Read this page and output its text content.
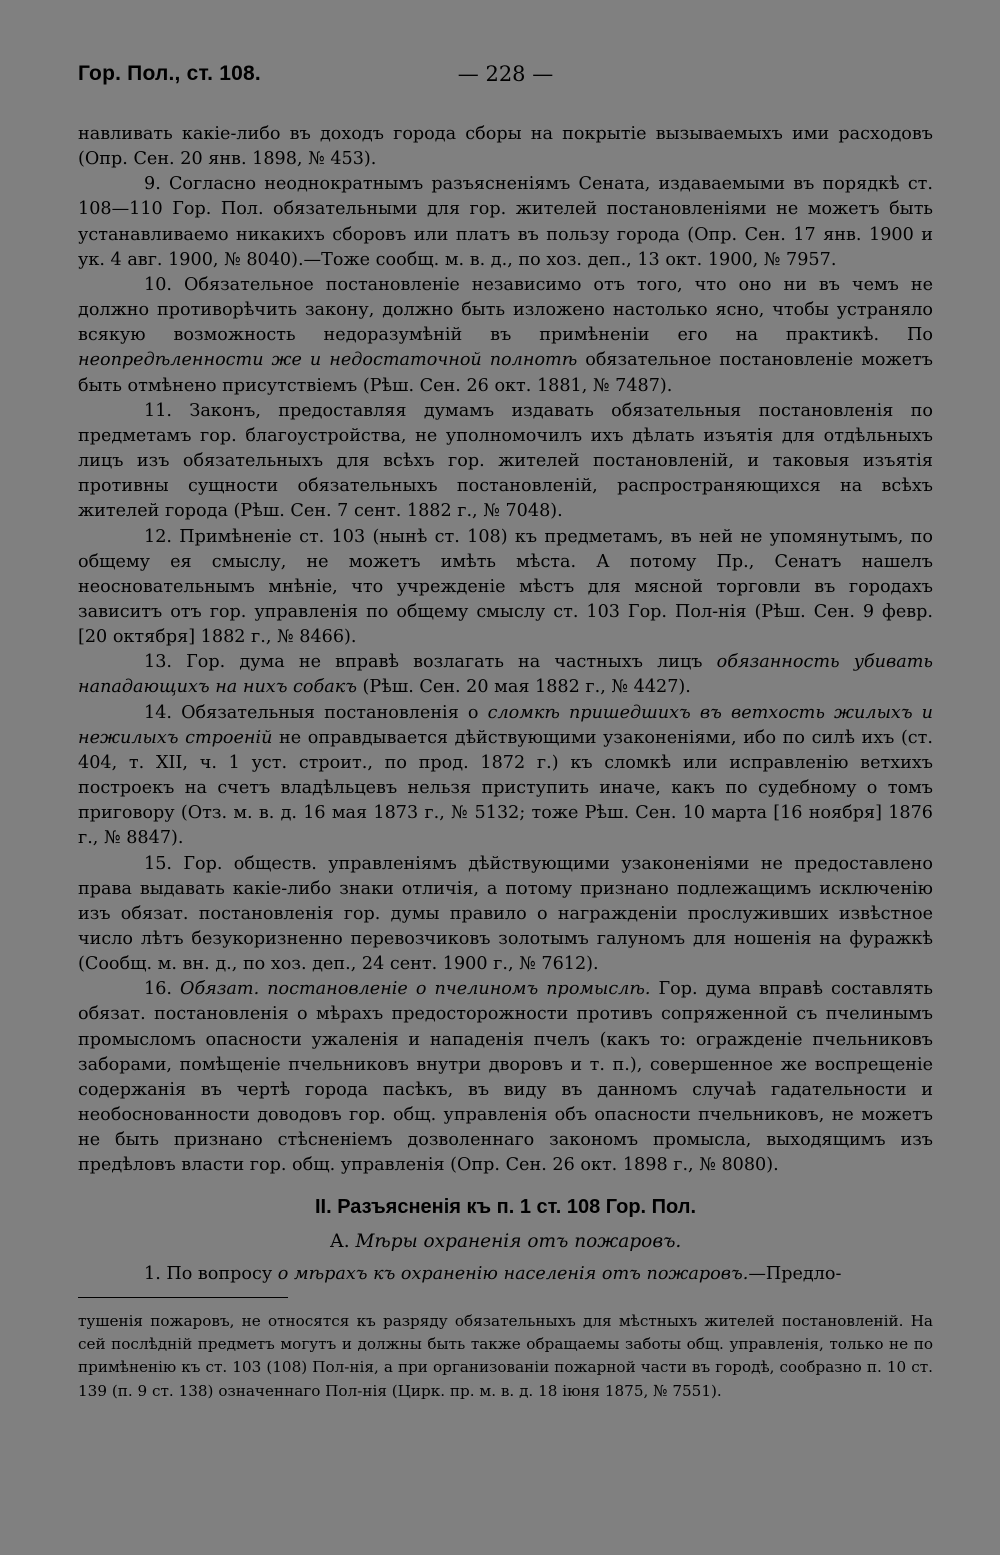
Гор. Пол., ст. 108.	— 228 —

навливать какіе-либо въ доходъ города сборы на покрытіе вызываемыхъ ими расходовъ (Опр. Сен. 20 янв. 1898, № 453).

9. Согласно неоднократнымъ разъясненіямъ Сената, издаваемыми въ порядкѣ ст. 108—110 Гор. Пол. обязательными для гор. жителей постановленіями не можетъ быть устанавливаемо никакихъ сборовъ или платъ въ пользу города (Опр. Сен. 17 янв. 1900 и ук. 4 авг. 1900, № 8040).—Тоже сообщ. м. в. д., по хоз. деп., 13 окт. 1900, № 7957.

10. Обязательное постановленіе независимо отъ того, что оно ни въ чемъ не должно противорѣчить закону, должно быть изложено настолько ясно, чтобы устраняло всякую возможность недоразумѣній въ примѣненіи его на практикѣ. По неопредѣленности же и недостаточной полнотѣ обязательное постановленіе можетъ быть отмѣнено присутствіемъ (Рѣш. Сен. 26 окт. 1881, № 7487).

11. Законъ, предоставляя думамъ издавать обязательныя постановленія по предметамъ гор. благоустройства, не уполномочилъ ихъ дѣлать изъятія для отдѣльныхъ лицъ изъ обязательныхъ для всѣхъ гор. жителей постановленій, и таковыя изъятія противны сущности обязательныхъ постановленій, распространяющихся на всѣхъ жителей города (Рѣш. Сен. 7 сент. 1882 г., № 7048).

12. Примѣненіе ст. 103 (нынѣ ст. 108) къ предметамъ, въ ней не упомянутымъ, по общему ея смыслу, не можетъ имѣть мѣста. А потому Пр., Сенатъ нашелъ неосновательнымъ мнѣніе, что учрежденіе мѣстъ для мясной торговли въ городахъ зависитъ отъ гор. управленія по общему смыслу ст. 103 Гор. Пол-нія (Рѣш. Сен. 9 февр. [20 октября] 1882 г., № 8466).

13. Гор. дума не вправѣ возлагать на частныхъ лицъ обязанность убивать нападающихъ на нихъ собакъ (Рѣш. Сен. 20 мая 1882 г., № 4427).

14. Обязательныя постановленія о сломкѣ пришедшихъ въ ветхость жилыхъ и нежилыхъ строеній не оправдывается дѣйствующими узаконеніями, ибо по силѣ ихъ (ст. 404, т. XII, ч. 1 уст. строит., по прод. 1872 г.) къ сломкѣ или исправленію ветхихъ построекъ на счетъ владѣльцевъ нельзя приступить иначе, какъ по судебному о томъ приговору (Отз. м. в. д. 16 мая 1873 г., № 5132; тоже Рѣш. Сен. 10 марта [16 ноября] 1876 г., № 8847).

15. Гор. обществ. управленіямъ дѣйствующими узаконеніями не предоставлено права выдавать какіе-либо знаки отличія, а потому признано подлежащимъ исключенію изъ обязат. постановленія гор. думы правило о награжденіи прослуживших извѣстное число лѣтъ безукоризненно перевозчиковъ золотымъ галуномъ для ношенія на фуражкѣ (Сообщ. м. вн. д., по хоз. деп., 24 сент. 1900 г., № 7612).

16. Обязат. постановленіе о пчелиномъ промыслѣ. Гор. дума вправѣ составлять обязат. постановленія о мѣрахъ предосторожности противъ сопряженной съ пчелинымъ промысломъ опасности ужаленія и нападенія пчелъ (какъ то: огражденіе пчельниковъ заборами, помѣщеніе пчельниковъ внутри дворовъ и т. п.), совершенное же воспрещеніе содержанія въ чертѣ города пасѣкъ, въ виду въ данномъ случаѣ гадательности и необоснованности доводовъ гор. общ. управленія объ опасности пчельниковъ, не можетъ не быть признано стѣсненіемъ дозволеннаго закономъ промысла, выходящимъ изъ предѣловъ власти гор. общ. управленія (Опр. Сен. 26 окт. 1898 г., № 8080).

II. Разъясненія къ п. 1 ст. 108 Гор. Пол.
А. Мѣры охраненія отъ пожаровъ.
1. По вопросу о мѣрахъ къ охраненію населенія отъ пожаровъ.—Предло-
тушенія пожаровъ, не относятся къ разряду обязательныхъ для мѣстныхъ жителей постановленій. На сей послѣдній предметъ могутъ и должны быть также обращаемы заботы общ. управленія, только не по примѣненію къ ст. 103 (108) Пол-нія, а при организованіи пожарной части въ городѣ, сообразно п. 10 ст. 139 (п. 9 ст. 138) означеннаго Пол-нія (Цирк. пр. м. в. д. 18 іюня 1875, № 7551).
